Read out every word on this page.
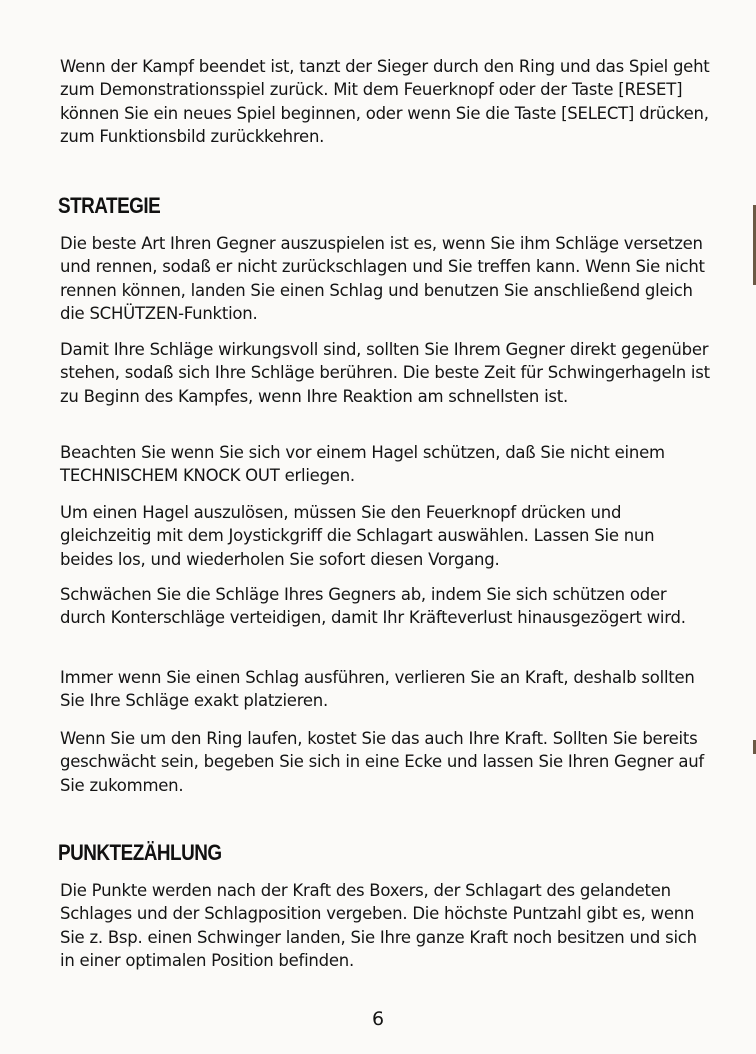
Wenn der Kampf beendet ist, tanzt der Sieger durch den Ring und das Spiel geht zum Demonstrationsspiel zurück. Mit dem Feuerknopf oder der Taste [RESET] können Sie ein neues Spiel beginnen, oder wenn Sie die Taste [SELECT] drücken, zum Funktionsbild zurückkehren.

STRATEGIE

Die beste Art Ihren Gegner auszuspielen ist es, wenn Sie ihm Schläge versetzen und rennen, sodaß er nicht zurückschlagen und Sie treffen kann. Wenn Sie nicht rennen können, landen Sie einen Schlag und benutzen Sie anschließend gleich die SCHÜTZEN-Funktion.

Damit Ihre Schläge wirkungsvoll sind, sollten Sie Ihrem Gegner direkt gegenüber stehen, sodaß sich Ihre Schläge berühren. Die beste Zeit für Schwingerhageln ist zu Beginn des Kampfes, wenn Ihre Reaktion am schnellsten ist.

Beachten Sie wenn Sie sich vor einem Hagel schützen, daß Sie nicht einem TECHNISCHEM KNOCK OUT erliegen.

Um einen Hagel auszulösen, müssen Sie den Feuerknopf drücken und gleichzeitig mit dem Joystickgriff die Schlagart auswählen. Lassen Sie nun beides los, und wiederholen Sie sofort diesen Vorgang.

Schwächen Sie die Schläge Ihres Gegners ab, indem Sie sich schützen oder durch Konterschläge verteidigen, damit Ihr Kräfteverlust hinausgezögert wird.

Immer wenn Sie einen Schlag ausführen, verlieren Sie an Kraft, deshalb sollten Sie Ihre Schläge exakt platzieren.

Wenn Sie um den Ring laufen, kostet Sie das auch Ihre Kraft. Sollten Sie bereits geschwächt sein, begeben Sie sich in eine Ecke und lassen Sie Ihren Gegner auf Sie zukommen.

PUNKTEZÄHLUNG

Die Punkte werden nach der Kraft des Boxers, der Schlagart des gelandeten Schlages und der Schlagposition vergeben. Die höchste Puntzahl gibt es, wenn Sie z. Bsp. einen Schwinger landen, Sie Ihre ganze Kraft noch besitzen und sich in einer optimalen Position befinden.

6
